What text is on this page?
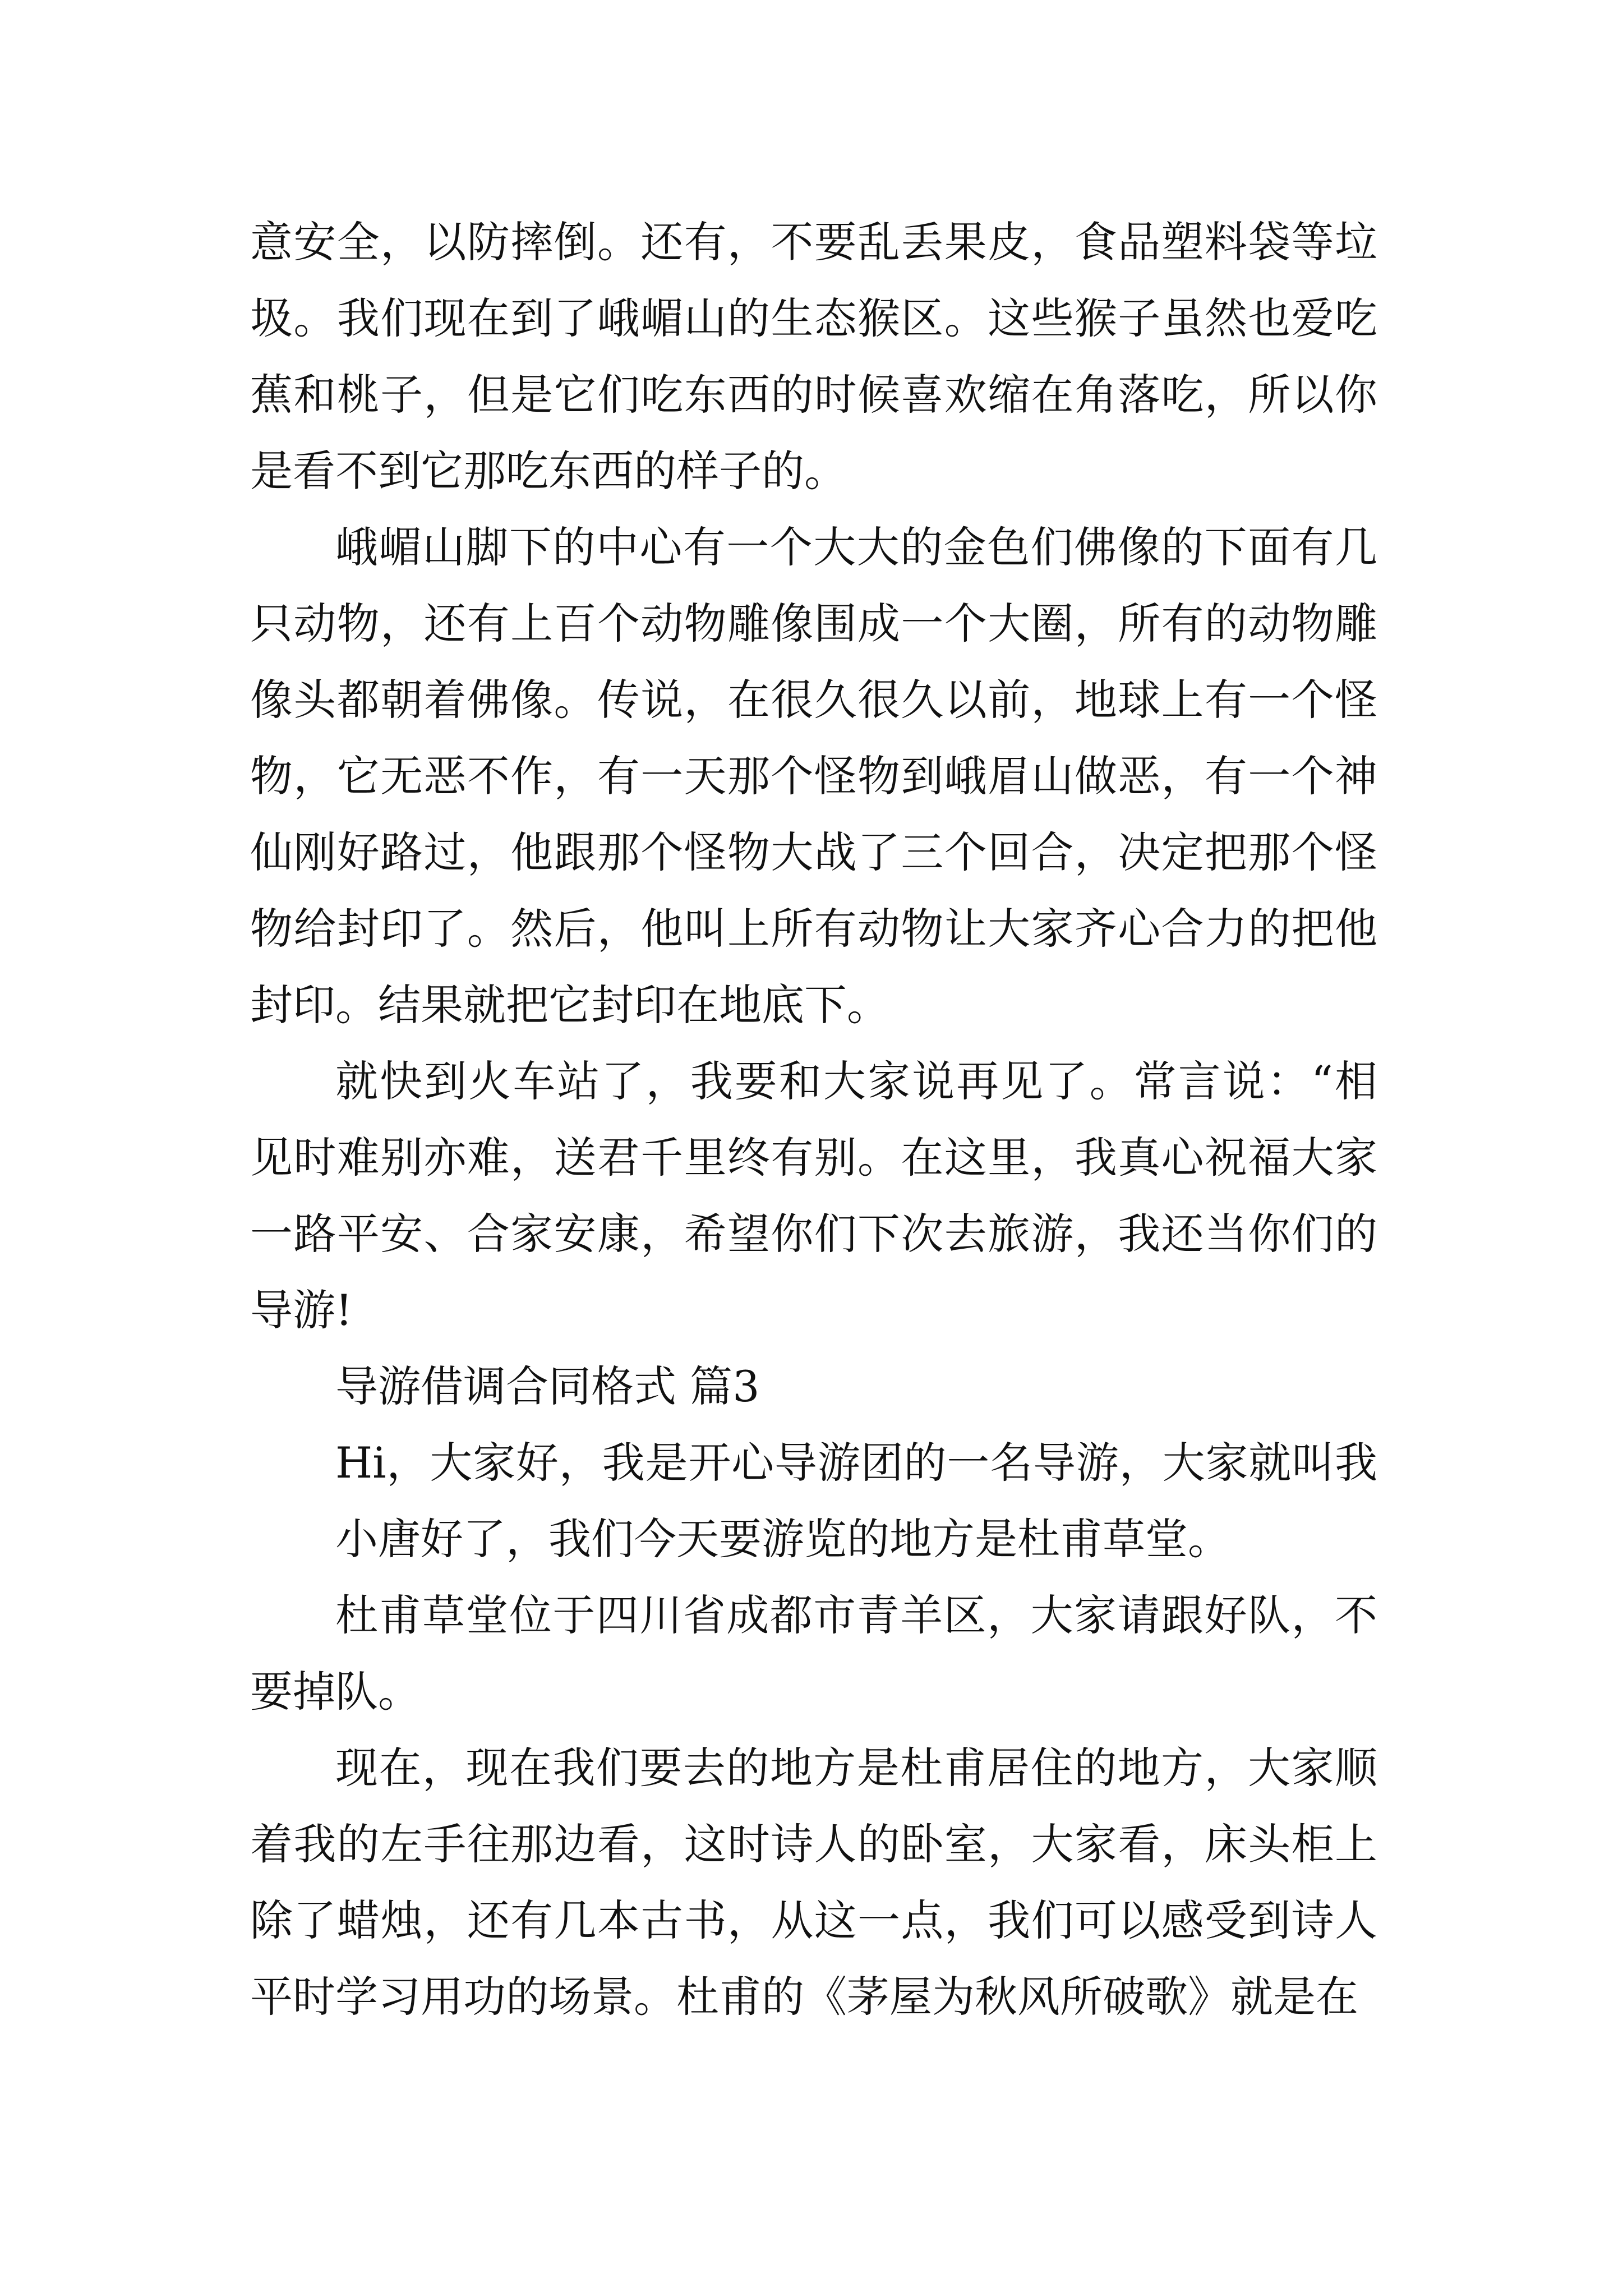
意安全，以防摔倒。还有，不要乱丢果皮，食品塑料袋等垃圾。我们现在到了峨嵋山的生态猴区。这些猴子虽然也爱吃蕉和桃子，但是它们吃东西的时候喜欢缩在角落吃，所以你是看不到它那吃东西的样子的。

峨嵋山脚下的中心有一个大大的金色们佛像的下面有几只动物，还有上百个动物雕像围成一个大圈，所有的动物雕像头都朝着佛像。传说，在很久很久以前，地球上有一个怪物，它无恶不作，有一天那个怪物到峨眉山做恶，有一个神仙刚好路过，他跟那个怪物大战了三个回合，决定把那个怪物给封印了。然后，他叫上所有动物让大家齐心合力的把他封印。结果就把它封印在地底下。

就快到火车站了，我要和大家说再见了。常言说：“相见时难别亦难，送君千里终有别。在这里，我真心祝福大家一路平安、合家安康，希望你们下次去旅游，我还当你们的导游!

导游借调合同格式 篇3

Hi，大家好，我是开心导游团的一名导游，大家就叫我小唐好了，我们今天要游览的地方是杜甫草堂。

杜甫草堂位于四川省成都市青羊区，大家请跟好队，不要掉队。

现在，现在我们要去的地方是杜甫居住的地方，大家顺着我的左手往那边看，这时诗人的卧室，大家看，床头柜上除了蜡烛，还有几本古书，从这一点，我们可以感受到诗人平时学习用功的场景。杜甫的《茅屋为秋风所破歌》就是在
